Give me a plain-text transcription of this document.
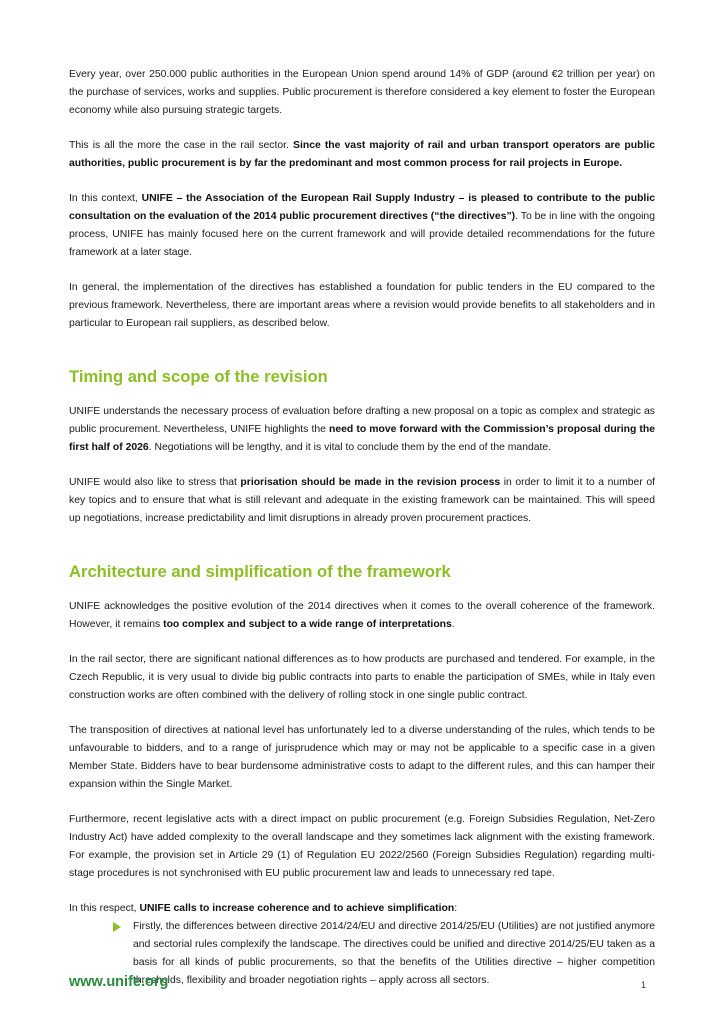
Every year, over 250.000 public authorities in the European Union spend around 14% of GDP (around €2 trillion per year) on the purchase of services, works and supplies. Public procurement is therefore considered a key element to foster the European economy while also pursuing strategic targets.

This is all the more the case in the rail sector. Since the vast majority of rail and urban transport operators are public authorities, public procurement is by far the predominant and most common process for rail projects in Europe.

In this context, UNIFE – the Association of the European Rail Supply Industry – is pleased to contribute to the public consultation on the evaluation of the 2014 public procurement directives (“the directives”). To be in line with the ongoing process, UNIFE has mainly focused here on the current framework and will provide detailed recommendations for the future framework at a later stage.

In general, the implementation of the directives has established a foundation for public tenders in the EU compared to the previous framework. Nevertheless, there are important areas where a revision would provide benefits to all stakeholders and in particular to European rail suppliers, as described below.

Timing and scope of the revision

UNIFE understands the necessary process of evaluation before drafting a new proposal on a topic as complex and strategic as public procurement. Nevertheless, UNIFE highlights the need to move forward with the Commission’s proposal during the first half of 2026. Negotiations will be lengthy, and it is vital to conclude them by the end of the mandate.

UNIFE would also like to stress that priorisation should be made in the revision process in order to limit it to a number of key topics and to ensure that what is still relevant and adequate in the existing framework can be maintained. This will speed up negotiations, increase predictability and limit disruptions in already proven procurement practices.

Architecture and simplification of the framework

UNIFE acknowledges the positive evolution of the 2014 directives when it comes to the overall coherence of the framework. However, it remains too complex and subject to a wide range of interpretations.

In the rail sector, there are significant national differences as to how products are purchased and tendered. For example, in the Czech Republic, it is very usual to divide big public contracts into parts to enable the participation of SMEs, while in Italy even construction works are often combined with the delivery of rolling stock in one single public contract.

The transposition of directives at national level has unfortunately led to a diverse understanding of the rules, which tends to be unfavourable to bidders, and to a range of jurisprudence which may or may not be applicable to a specific case in a given Member State. Bidders have to bear burdensome administrative costs to adapt to the different rules, and this can hamper their expansion within the Single Market.

Furthermore, recent legislative acts with a direct impact on public procurement (e.g. Foreign Subsidies Regulation, Net-Zero Industry Act) have added complexity to the overall landscape and they sometimes lack alignment with the existing framework. For example, the provision set in Article 29 (1) of Regulation EU 2022/2560 (Foreign Subsidies Regulation) regarding multi-stage procedures is not synchronised with EU public procurement law and leads to unnecessary red tape.

In this respect, UNIFE calls to increase coherence and to achieve simplification:

Firstly, the differences between directive 2014/24/EU and directive 2014/25/EU (Utilities) are not justified anymore and sectorial rules complexify the landscape. The directives could be unified and directive 2014/25/EU taken as a basis for all kinds of public procurements, so that the benefits of the Utilities directive – higher competition thresholds, flexibility and broader negotiation rights – apply across all sectors.
www.unife.org	1
